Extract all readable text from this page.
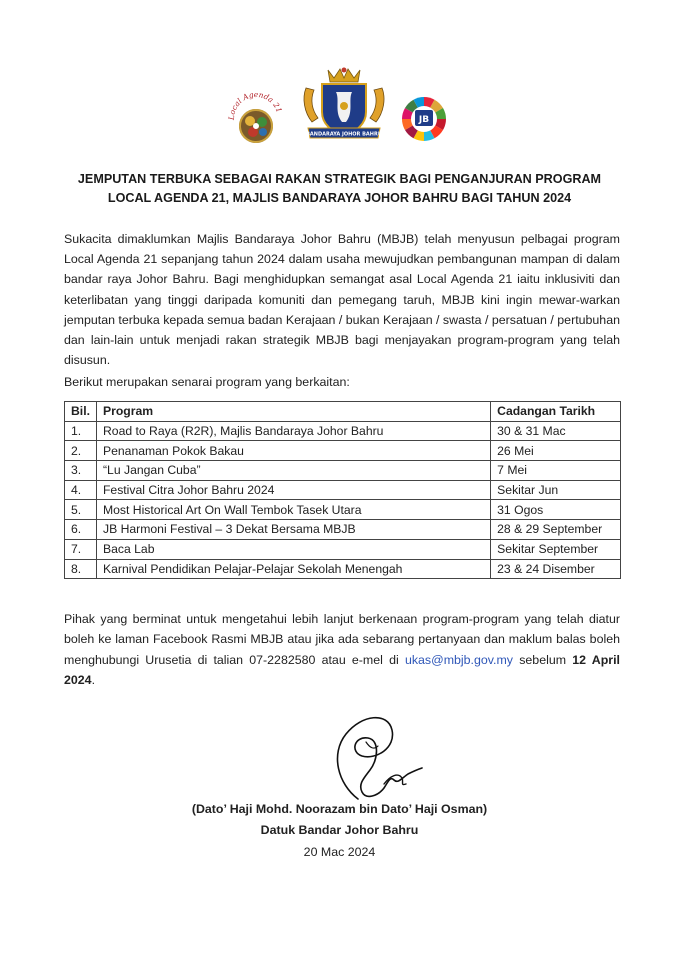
Local Agenda 21
BANDARAYA JOHOR BAHRU
JB
JEMPUTAN TERBUKA SEBAGAI RAKAN STRATEGIK BAGI PENGANJURAN PROGRAM
LOCAL AGENDA 21, MAJLIS BANDARAYA JOHOR BAHRU BAGI TAHUN 2024

Sukacita dimaklumkan Majlis Bandaraya Johor Bahru (MBJB) telah menyusun pelbagai program Local Agenda 21 sepanjang tahun 2024 dalam usaha mewujudkan pembangunan mampan di dalam bandar raya Johor Bahru. Bagi menghidupkan semangat asal Local Agenda 21 iaitu inklusiviti dan keterlibatan yang tinggi daripada komuniti dan pemegang taruh, MBJB kini ingin mewar-warkan jemputan terbuka kepada semua badan Kerajaan / bukan Kerajaan / swasta / persatuan / pertubuhan dan lain-lain untuk menjadi rakan strategik MBJB bagi menjayakan program-program yang telah disusun.

Berikut merupakan senarai program yang berkaitan:

Bil.	Program	Cadangan Tarikh
1.	Road to Raya (R2R), Majlis Bandaraya Johor Bahru	30 & 31 Mac
2.	Penanaman Pokok Bakau	26 Mei
3.	“Lu Jangan Cuba”	7 Mei
4.	Festival Citra Johor Bahru 2024	Sekitar Jun
5.	Most Historical Art On Wall Tembok Tasek Utara	31 Ogos
6.	JB Harmoni Festival – 3 Dekat Bersama MBJB	28 & 29 September
7.	Baca Lab	Sekitar September
8.	Karnival Pendidikan Pelajar-Pelajar Sekolah Menengah	23 & 24 Disember

Pihak yang berminat untuk mengetahui lebih lanjut berkenaan program-program yang telah diatur boleh ke laman Facebook Rasmi MBJB atau jika ada sebarang pertanyaan dan maklum balas boleh menghubungi Urusetia di talian 07-2282580 atau e-mel di ukas@mbjb.gov.my sebelum 12 April 2024.

(Dato’ Haji Mohd. Noorazam bin Dato’ Haji Osman)
Datuk Bandar Johor Bahru
20 Mac 2024
